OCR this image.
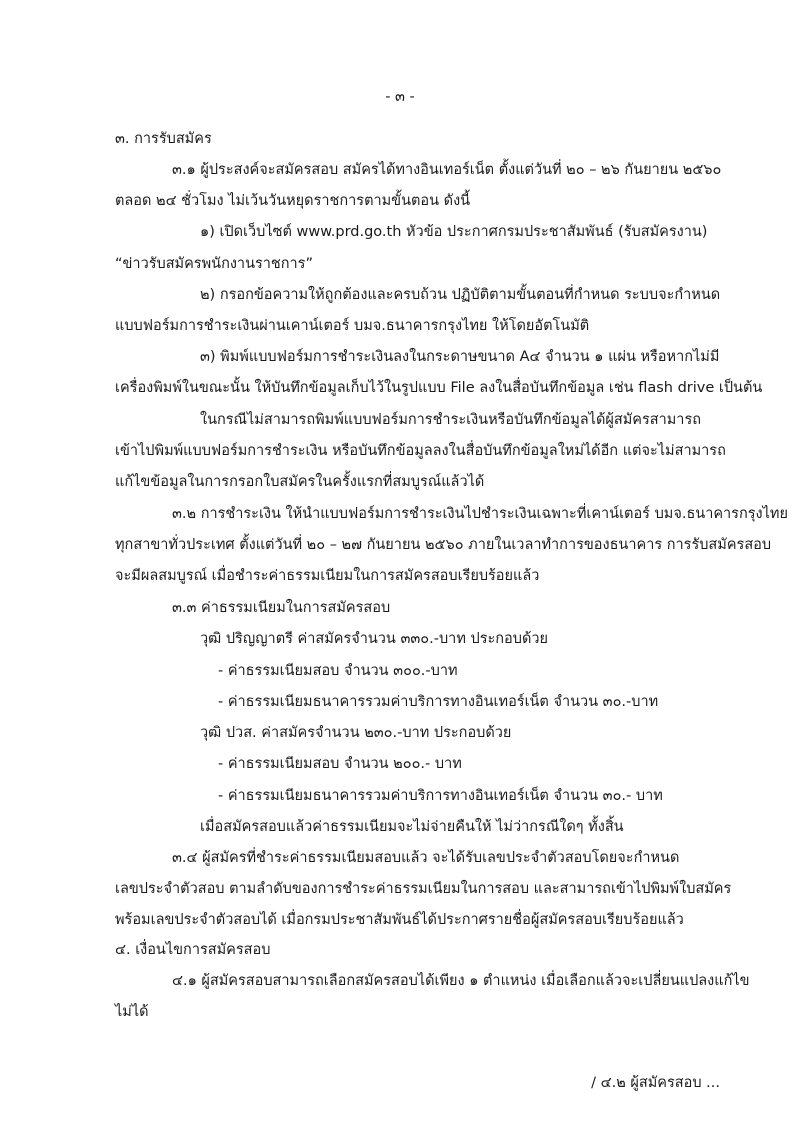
- ๓ -
๓. การรับสมัคร
๓.๑ ผู้ประสงค์จะสมัครสอบ สมัครได้ทางอินเทอร์เน็ต ตั้งแต่วันที่ ๒๐ – ๒๖ กันยายน ๒๕๖๐
ตลอด ๒๔ ชั่วโมง ไม่เว้นวันหยุดราชการตามขั้นตอน ดังนี้
๑) เปิดเว็บไซต์ www.prd.go.th หัวข้อ ประกาศกรมประชาสัมพันธ์ (รับสมัครงาน)
“ข่าวรับสมัครพนักงานราชการ”
๒) กรอกข้อความให้ถูกต้องและครบถ้วน ปฏิบัติตามขั้นตอนที่กำหนด ระบบจะกำหนด
แบบฟอร์มการชำระเงินผ่านเคาน์เตอร์ บมจ.ธนาคารกรุงไทย ให้โดยอัตโนมัติ
๓) พิมพ์แบบฟอร์มการชำระเงินลงในกระดาษขนาด A๔ จำนวน ๑ แผ่น หรือหากไม่มี
เครื่องพิมพ์ในขณะนั้น ให้บันทึกข้อมูลเก็บไว้ในรูปแบบ File ลงในสื่อบันทึกข้อมูล เช่น flash drive เป็นต้น
ในกรณีไม่สามารถพิมพ์แบบฟอร์มการชำระเงินหรือบันทึกข้อมูลได้ผู้สมัครสามารถ
เข้าไปพิมพ์แบบฟอร์มการชำระเงิน หรือบันทึกข้อมูลลงในสื่อบันทึกข้อมูลใหม่ได้อีก แต่จะไม่สามารถ
แก้ไขข้อมูลในการกรอกใบสมัครในครั้งแรกที่สมบูรณ์แล้วได้
๓.๒ การชำระเงิน ให้นำแบบฟอร์มการชำระเงินไปชำระเงินเฉพาะที่เคาน์เตอร์ บมจ.ธนาคารกรุงไทย
ทุกสาขาทั่วประเทศ ตั้งแต่วันที่ ๒๐ – ๒๗ กันยายน ๒๕๖๐ ภายในเวลาทำการของธนาคาร การรับสมัครสอบ
จะมีผลสมบูรณ์ เมื่อชำระค่าธรรมเนียมในการสมัครสอบเรียบร้อยแล้ว
๓.๓ ค่าธรรมเนียมในการสมัครสอบ
วุฒิ ปริญญาตรี ค่าสมัครจำนวน ๓๓๐.-บาท ประกอบด้วย
- ค่าธรรมเนียมสอบ จำนวน ๓๐๐.-บาท
- ค่าธรรมเนียมธนาคารรวมค่าบริการทางอินเทอร์เน็ต จำนวน ๓๐.-บาท
วุฒิ ปวส. ค่าสมัครจำนวน ๒๓๐.-บาท ประกอบด้วย
- ค่าธรรมเนียมสอบ จำนวน ๒๐๐.- บาท
- ค่าธรรมเนียมธนาคารรวมค่าบริการทางอินเทอร์เน็ต จำนวน ๓๐.- บาท
เมื่อสมัครสอบแล้วค่าธรรมเนียมจะไม่จ่ายคืนให้ ไม่ว่ากรณีใดๆ ทั้งสิ้น
๓.๔ ผู้สมัครที่ชำระค่าธรรมเนียมสอบแล้ว จะได้รับเลขประจำตัวสอบโดยจะกำหนด
เลขประจำตัวสอบ ตามลำดับของการชำระค่าธรรมเนียมในการสอบ และสามารถเข้าไปพิมพ์ใบสมัคร
พร้อมเลขประจำตัวสอบได้ เมื่อกรมประชาสัมพันธ์ได้ประกาศรายชื่อผู้สมัครสอบเรียบร้อยแล้ว
๔. เงื่อนไขการสมัครสอบ
๔.๑ ผู้สมัครสอบสามารถเลือกสมัครสอบได้เพียง ๑ ตำแหน่ง เมื่อเลือกแล้วจะเปลี่ยนแปลงแก้ไข
ไม่ได้
/ ๔.๒ ผู้สมัครสอบ ...
